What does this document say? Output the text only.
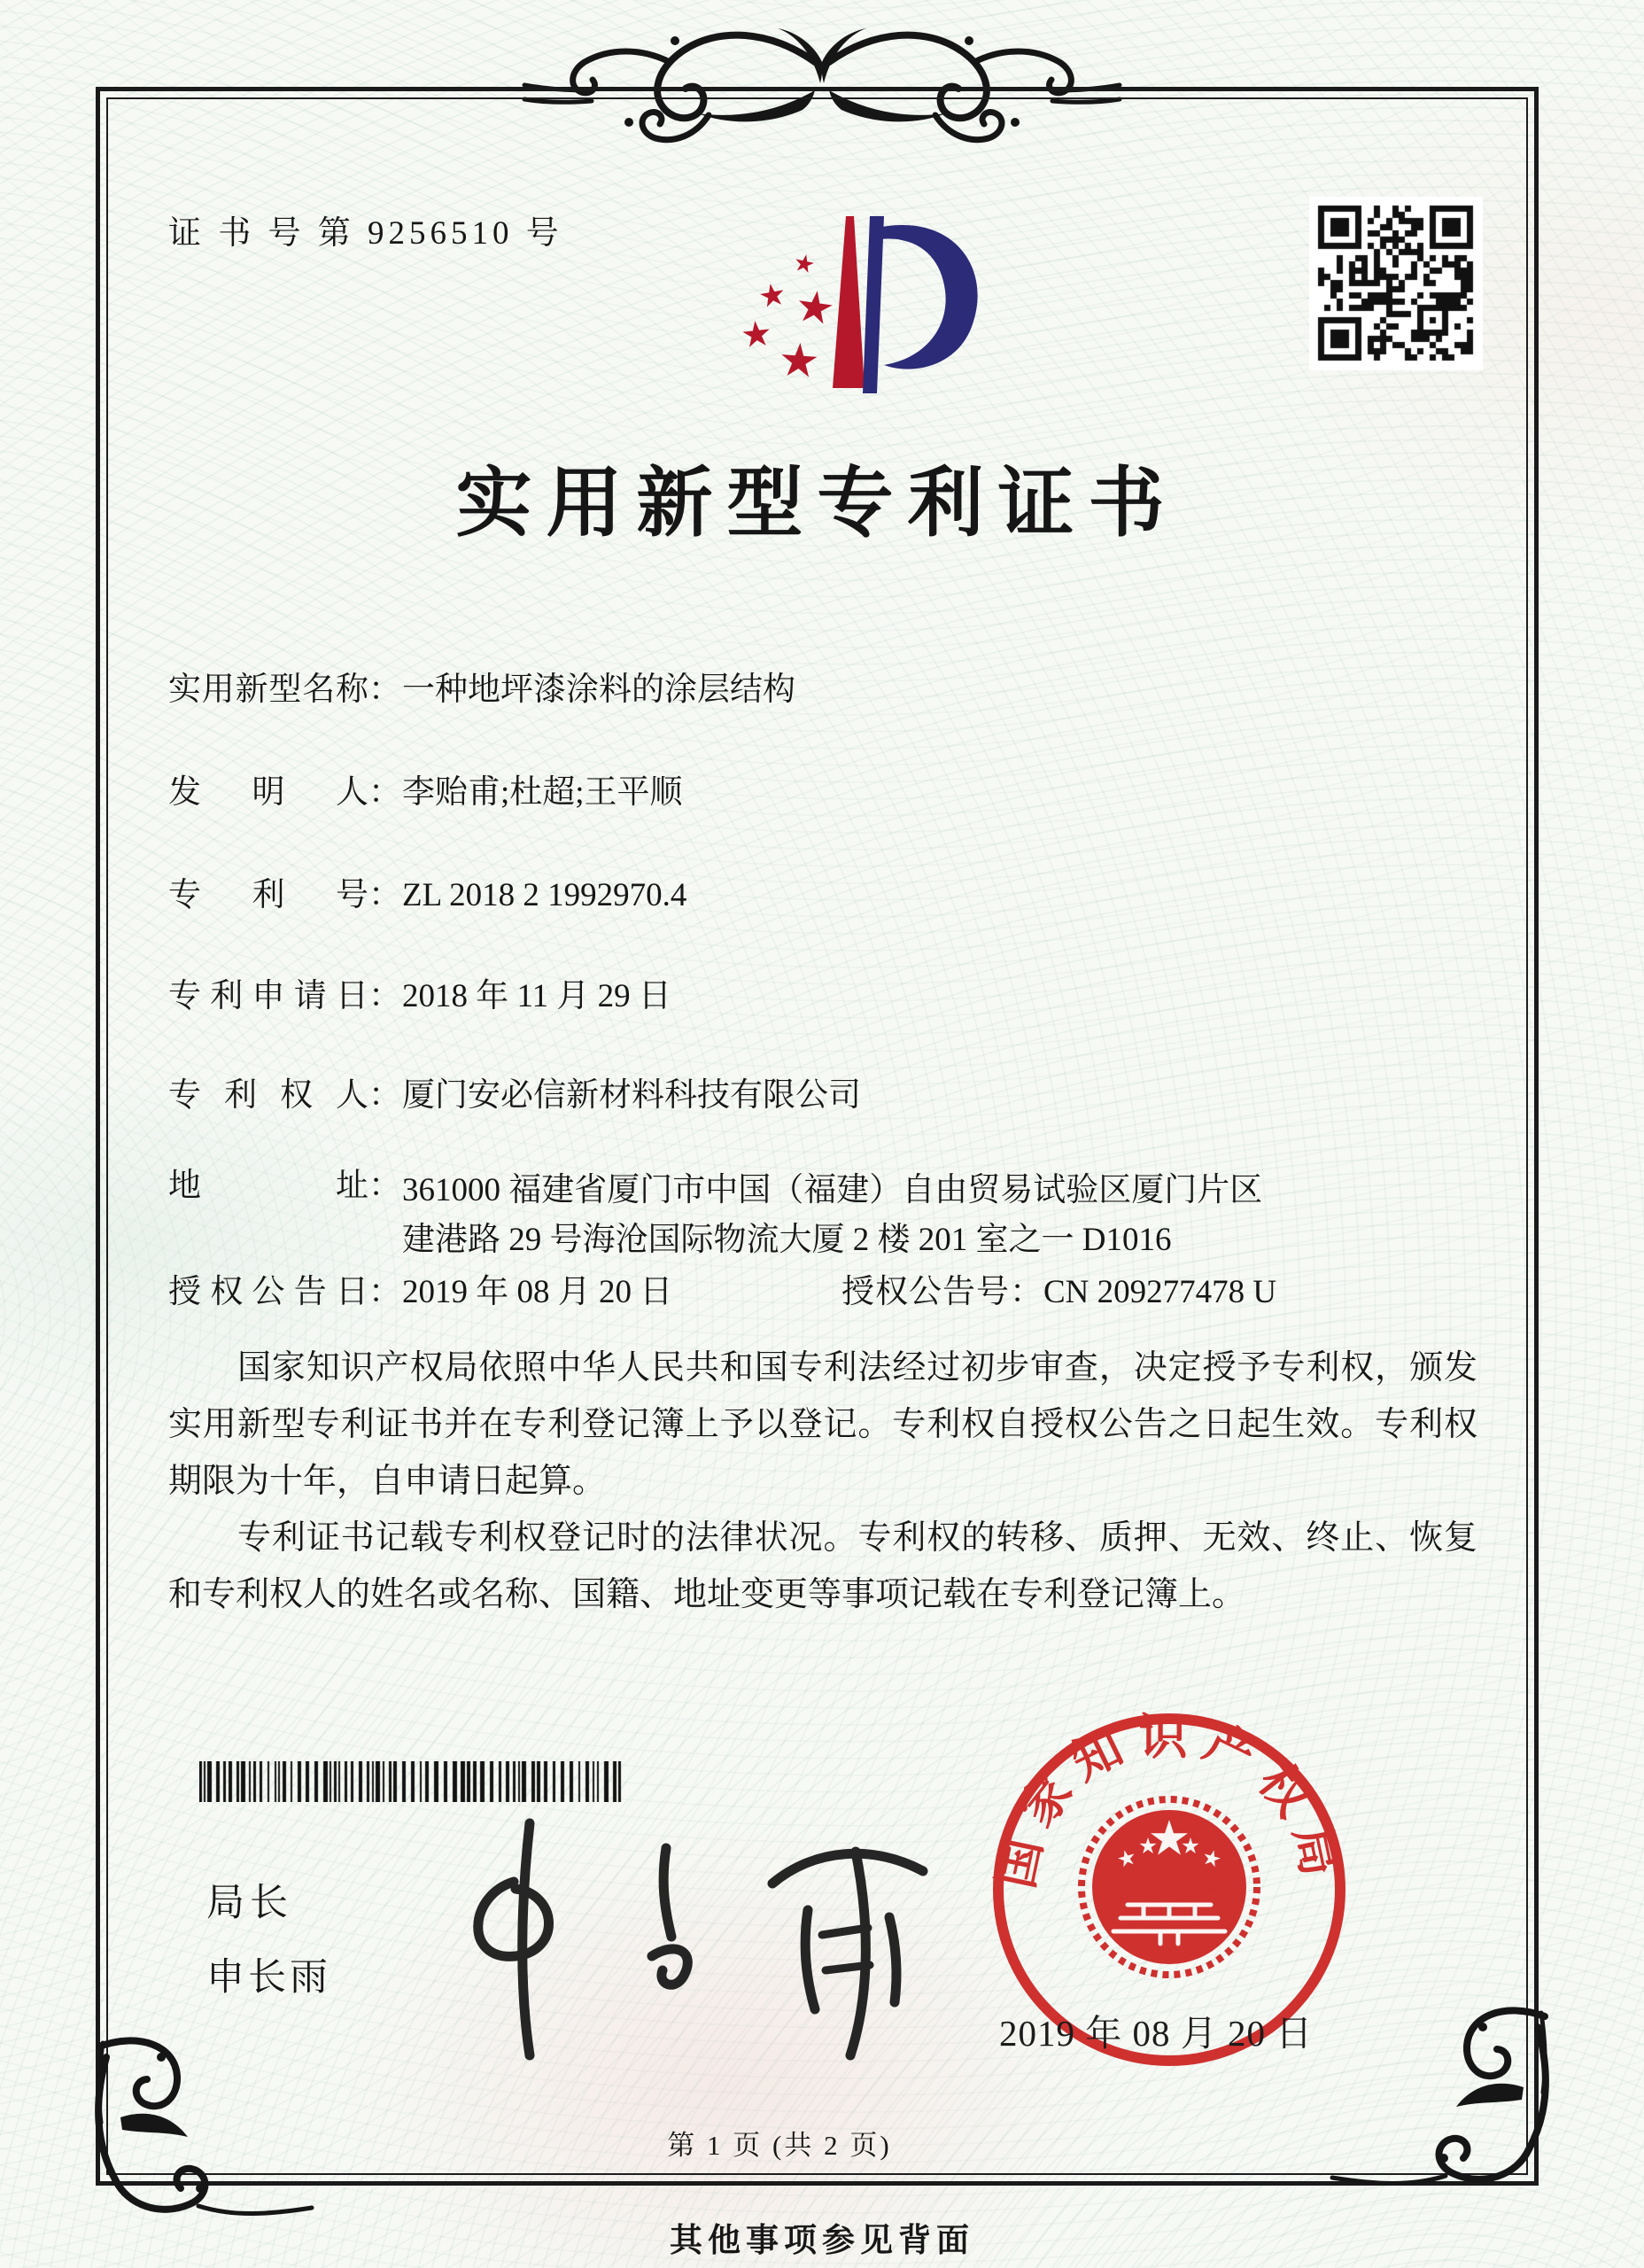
证 书 号 第 9256510 号
实用新型专利证书
实用新型名称：一种地坪漆涂料的涂层结构
发明人：李贻甫;杜超;王平顺
专利号：ZL 2018 2 1992970.4
专利申请日：2018 年 11 月 29 日
专利权人：厦门安必信新材料科技有限公司
地址：361000 福建省厦门市中国（福建）自由贸易试验区厦门片区建港路 29 号海沧国际物流大厦 2 楼 201 室之一 D1016
授权公告日：2019 年 08 月 20 日	授权公告号：CN 209277478 U

国家知识产权局依照中华人民共和国专利法经过初步审查，决定授予专利权，颁发实用新型专利证书并在专利登记簿上予以登记。专利权自授权公告之日起生效。专利权期限为十年，自申请日起算。

专利证书记载专利权登记时的法律状况。专利权的转移、质押、无效、终止、恢复和专利权人的姓名或名称、国籍、地址变更等事项记载在专利登记簿上。

局长
申长雨
国家知识产权局
2019 年 08 月 20 日
第 1 页 (共 2 页)
其他事项参见背面
